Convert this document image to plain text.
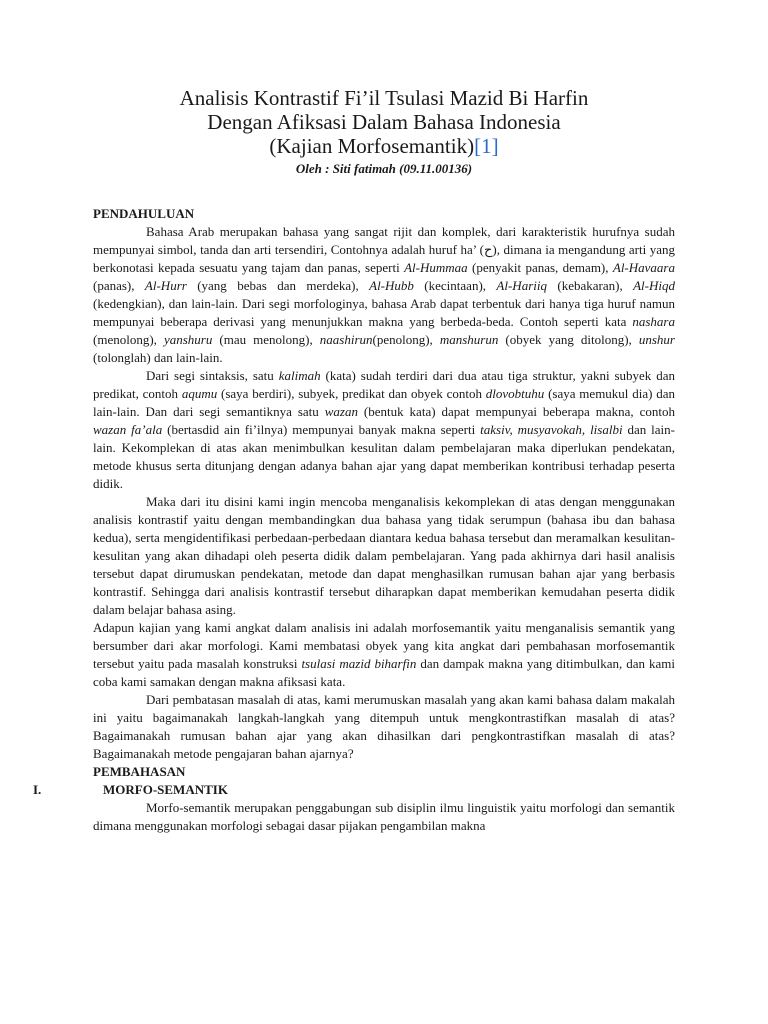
Analisis Kontrastif Fi’il Tsulasi Mazid Bi Harfin
Dengan Afiksasi Dalam Bahasa Indonesia
(Kajian Morfosemantik)[1]
Oleh : Siti fatimah (09.11.00136)
PENDAHULUAN

Bahasa Arab merupakan bahasa yang sangat rijit dan komplek, dari karakteristik hurufnya sudah mempunyai simbol, tanda dan arti tersendiri, Contohnya adalah huruf ha’ (ح), dimana ia mengandung arti yang berkonotasi kepada sesuatu yang tajam dan panas, seperti Al-Hummaa (penyakit panas, demam), Al-Havaara (panas), Al-Hurr (yang bebas dan merdeka), Al-Hubb (kecintaan), Al-Hariiq (kebakaran), Al-Hiqd (kedengkian), dan lain-lain. Dari segi morfologinya, bahasa Arab dapat terbentuk dari hanya tiga huruf namun mempunyai beberapa derivasi yang menunjukkan makna yang berbeda-beda. Contoh seperti kata nashara (menolong), yanshuru (mau menolong), naashirun(penolong), manshurun (obyek yang ditolong), unshur (tolonglah) dan lain-lain.

Dari segi sintaksis, satu kalimah (kata) sudah terdiri dari dua atau tiga struktur, yakni subyek dan predikat, contoh aqumu (saya berdiri), subyek, predikat dan obyek contoh dlovobtuhu (saya memukul dia) dan lain-lain. Dan dari segi semantiknya satu wazan (bentuk kata) dapat mempunyai beberapa makna, contoh wazan fa’ala (bertasdid ain fi’ilnya) mempunyai banyak makna seperti taksiv, musyavokah, lisalbi dan lain-lain. Kekomplekan di atas akan menimbulkan kesulitan dalam pembelajaran maka diperlukan pendekatan, metode khusus serta ditunjang dengan adanya bahan ajar yang dapat memberikan kontribusi terhadap peserta didik.

Maka dari itu disini kami ingin mencoba menganalisis kekomplekan di atas dengan menggunakan analisis kontrastif yaitu dengan membandingkan dua bahasa yang tidak serumpun (bahasa ibu dan bahasa kedua), serta mengidentifikasi perbedaan-perbedaan diantara kedua bahasa tersebut dan meramalkan kesulitan-kesulitan yang akan dihadapi oleh peserta didik dalam pembelajaran. Yang pada akhirnya dari hasil analisis tersebut dapat dirumuskan pendekatan, metode dan dapat menghasilkan rumusan bahan ajar yang berbasis kontrastif. Sehingga dari analisis kontrastif tersebut diharapkan dapat memberikan kemudahan peserta didik dalam belajar bahasa asing.

Adapun kajian yang kami angkat dalam analisis ini adalah morfosemantik yaitu menganalisis semantik yang bersumber dari akar morfologi. Kami membatasi obyek yang kita angkat dari pembahasan morfosemantik tersebut yaitu pada masalah konstruksi tsulasi mazid biharfin dan dampak makna yang ditimbulkan, dan kami coba kami samakan dengan makna afiksasi kata.

Dari pembatasan masalah di atas, kami merumuskan masalah yang akan kami bahasa dalam makalah ini yaitu bagaimanakah langkah-langkah yang ditempuh untuk mengkontrastifkan masalah di atas? Bagaimanakah rumusan bahan ajar yang akan dihasilkan dari pengkontrastifkan masalah di atas? Bagaimanakah metode pengajaran bahan ajarnya?

PEMBAHASAN
I.	MORFO-SEMANTIK

Morfo-semantik merupakan penggabungan sub disiplin ilmu linguistik yaitu morfologi dan semantik dimana menggunakan morfologi sebagai dasar pijakan pengambilan makna
